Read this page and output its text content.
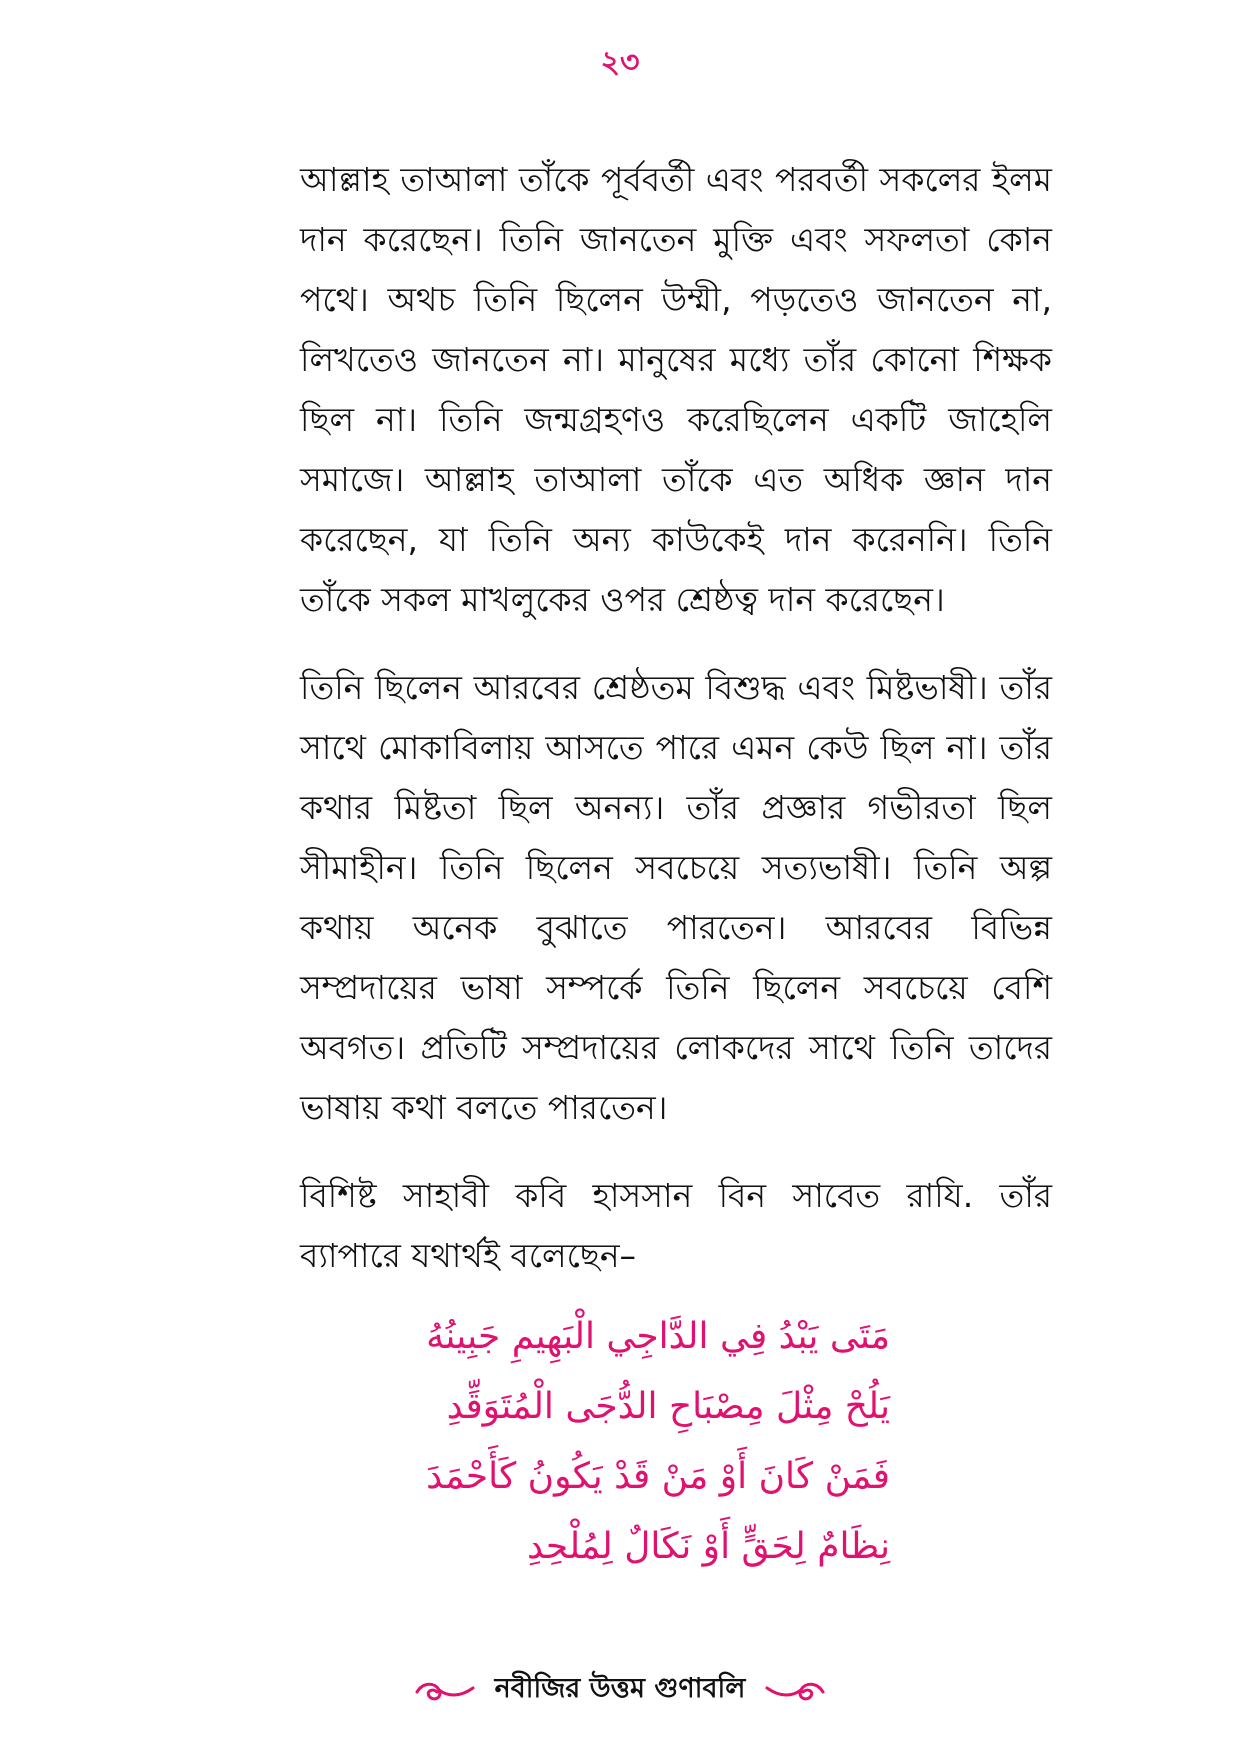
২৩

আল্লাহ তাআলা তাঁকে পূর্ববর্তী এবং পরবর্তী সকলের ইলম দান করেছেন। তিনি জানতেন মুক্তি এবং সফলতা কোন পথে। অথচ তিনি ছিলেন উম্মী, পড়তেও জানতেন না, লিখতেও জানতেন না। মানুষের মধ্যে তাঁর কোনো শিক্ষক ছিল না। তিনি জন্মগ্রহণও করেছিলেন একটি জাহেলি সমাজে। আল্লাহ তাআলা তাঁকে এত অধিক জ্ঞান দান করেছেন, যা তিনি অন্য কাউকেই দান করেননি। তিনি তাঁকে সকল মাখলুকের ওপর শ্রেষ্ঠত্ব দান করেছেন।

তিনি ছিলেন আরবের শ্রেষ্ঠতম বিশুদ্ধ এবং মিষ্টভাষী। তাঁর সাথে মোকাবিলায় আসতে পারে এমন কেউ ছিল না। তাঁর কথার মিষ্টতা ছিল অনন্য। তাঁর প্রজ্ঞার গভীরতা ছিল সীমাহীন। তিনি ছিলেন সবচেয়ে সত্যভাষী। তিনি অল্প কথায় অনেক বুঝাতে পারতেন। আরবের বিভিন্ন সম্প্রদায়ের ভাষা সম্পর্কে তিনি ছিলেন সবচেয়ে বেশি অবগত। প্রতিটি সম্প্রদায়ের লোকদের সাথে তিনি তাদের ভাষায় কথা বলতে পারতেন।

বিশিষ্ট সাহাবী কবি হাসসান বিন সাবেত রাযি. তাঁর ব্যাপারে যথার্থই বলেছেন–

مَتَى يَبْدُ فِي الدَّاجِي الْبَهِيمِ جَبِينُهُ
يَلُحْ مِثْلَ مِصْبَاحِ الدُّجَى الْمُتَوَقِّدِ
فَمَنْ كَانَ أَوْ مَنْ قَدْ يَكُونُ كَأَحْمَدَ
نِظَامٌ لِحَقٍّ أَوْ نَكَالٌ لِمُلْحِدِ
নবীজির উত্তম গুণাবলি
